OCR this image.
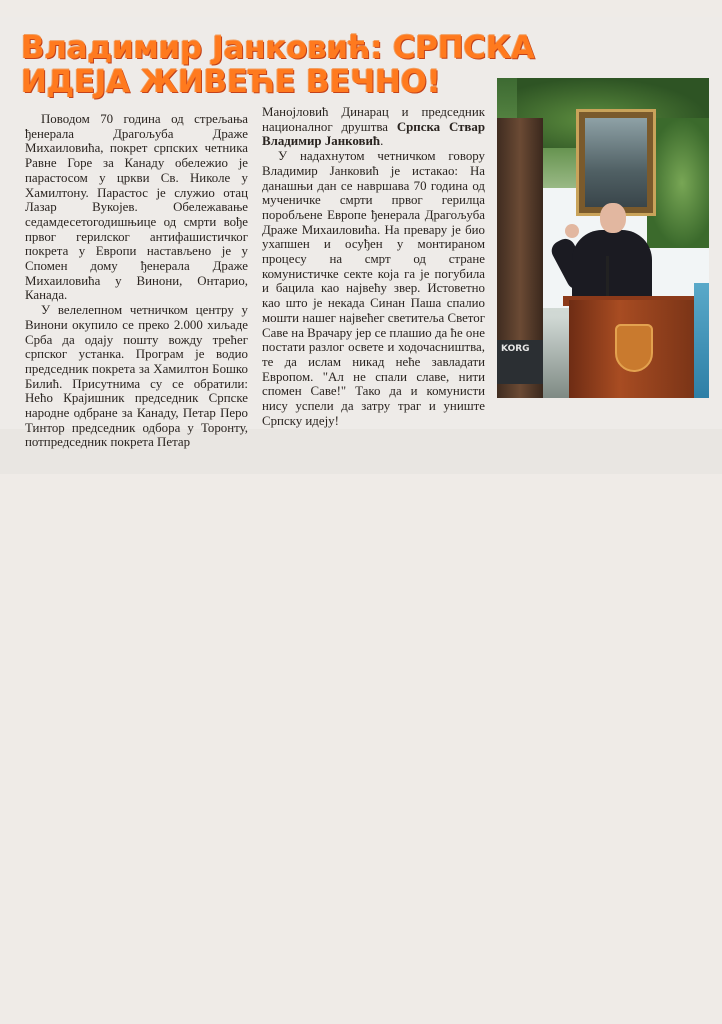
Владимир Јанковић: СРПСКА
ИДЕЈА ЖИВЕЋЕ ВЕЧНО!

Поводом 70 година од стрељања ђенерала Драгољуба Драже Михаиловића, покрет српских четника Равне Горе за Канаду обележио је парастосом у цркви Св. Николе у Хамилтону. Парастос је служио отац Лазар Вукојев. Обележавање седамдесетогодишњице од смрти вође првог герилског антифашистичког покрета у Европи настављено је у Спомен дому ђенерала Драже Михаиловића у Винони, Онтарио, Канада.

У велелепном четничком центру у Винони окупило се преко 2.000 хиљаде Срба да одају пошту вожду трећег српског устанка. Програм је водио председник покрета за Хамилтон Бошко Билић. Присутнима су се обратили: Нећо Крајишник председник Српске народне одбране за Канаду, Петар Перо Тинтор председник одбора у Торонту, потпредседник покрета Петар

Манојловић Динарац и председник националног друштва Српска Ствар Владимир Јанковић.

У надахнутом четничком говору Владимир Јанковић је истакао: На данашњи дан се навршава 70 година од мученичке смрти првог герилца поробљене Европе ђенерала Драгољуба Драже Михаиловића. На превару је био ухапшен и осуђен у монтираном процесу на смрт од стране комунистичке секте која га је погубила и бацила као највећу звер. Истоветно као што је некада Синан Паша спалио мошти нашег највећег светитеља Светог Саве на Врачару јер се плашио да ће оне постати разлог освете и ходочасништва, те да ислам никад неће завладати Европом. "Ал не спали славе, нити спомен Саве!" Тако да и комунисти нису успели да затру траг и униште Српску идеју!

KORG
